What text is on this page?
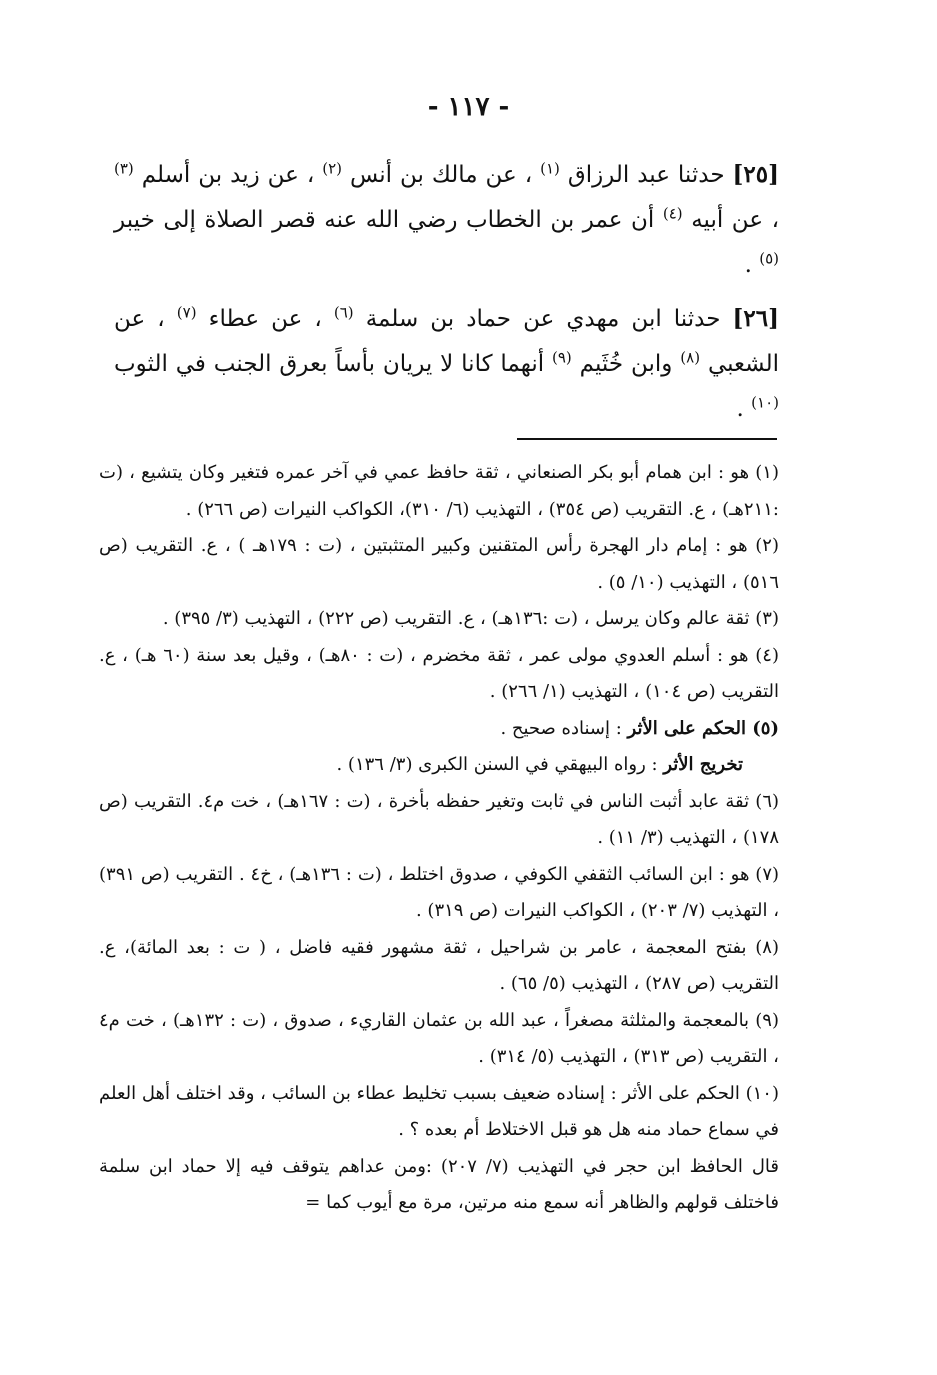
- ١١٧ -

[٢٥] حدثنا عبد الرزاق $^{(١)}$ ، عن مالك بن أنس $^{(٢)}$ ، عن زيد بن أسلم $^{(٣)}$ ، عن أبيه $^{(٤)}$ أن عمر بن الخطاب رضي الله عنه قصر الصلاة إلى خيبر $^{(٥)}$ .

[٢٦] حدثنا ابن مهدي عن حماد بن سلمة $^{(٦)}$ ، عن عطاء $^{(٧)}$ ، عن الشعبي $^{(٨)}$ وابن خُثَيم $^{(٩)}$ أنهما كانا لا يريان بأساً بعرق الجنب في الثوب $^{(١٠)}$ .

(١) هو : ابن همام أبو بكر الصنعاني ، ثقة حافظ عمي في آخر عمره فتغير وكان يتشيع ، (ت :٢١١هـ) ، ع. التقريب (ص ٣٥٤) ، التهذيب (٦/ ٣١٠)، الكواكب النيرات (ص ٢٦٦) .

(٢) هو : إمام دار الهجرة رأس المتقنين وكبير المتثبتين ، (ت : ١٧٩هـ ) ، ع. التقريب (ص ٥١٦) ، التهذيب (١٠/ ٥) .

(٣) ثقة عالم وكان يرسل ، (ت :١٣٦هـ) ، ع. التقريب (ص ٢٢٢) ، التهذيب (٣/ ٣٩٥) .

(٤) هو : أسلم العدوي مولى عمر ، ثقة مخضرم ، (ت : ٨٠هـ) ، وقيل بعد سنة (٦٠ هـ) ، ع. التقريب (ص ١٠٤) ، التهذيب (١/ ٢٦٦) .

(٥) الحكم على الأثر : إسناده صحيح .

تخريج الأثر : رواه البيهقي في السنن الكبرى (٣/ ١٣٦) .

(٦) ثقة عابد أثبت الناس في ثابت وتغير حفظه بأخرة ، (ت : ١٦٧هـ) ، خت م٤. التقريب (ص ١٧٨) ، التهذيب (٣/ ١١) .

(٧) هو : ابن السائب الثقفي الكوفي ، صدوق اختلط ، (ت : ١٣٦هـ) ، خ٤ . التقريب (ص ٣٩١) ، التهذيب (٧/ ٢٠٣) ، الكواكب النيرات (ص ٣١٩) .

(٨) بفتح المعجمة ، عامر بن شراحيل ، ثقة مشهور فقيه فاضل ، ( ت : بعد المائة)، ع. التقريب (ص ٢٨٧) ، التهذيب (٥/ ٦٥) .

(٩) بالمعجمة والمثلثة مصغراً ، عبد الله بن عثمان القاريء ، صدوق ، (ت : ١٣٢هـ) ، خت م٤ ، التقريب (ص ٣١٣) ، التهذيب (٥/ ٣١٤) .

(١٠) الحكم على الأثر : إسناده ضعيف بسبب تخليط عطاء بن السائب ، وقد اختلف أهل العلم في سماع حماد منه هل هو قبل الاختلاط أم بعده ؟ .

قال الحافظ ابن حجر في التهذيب (٧/ ٢٠٧) :ومن عداهم يتوقف فيه إلا حماد ابن سلمة فاختلف قولهم والظاهر أنه سمع منه مرتين، مرة مع أيوب كما =
